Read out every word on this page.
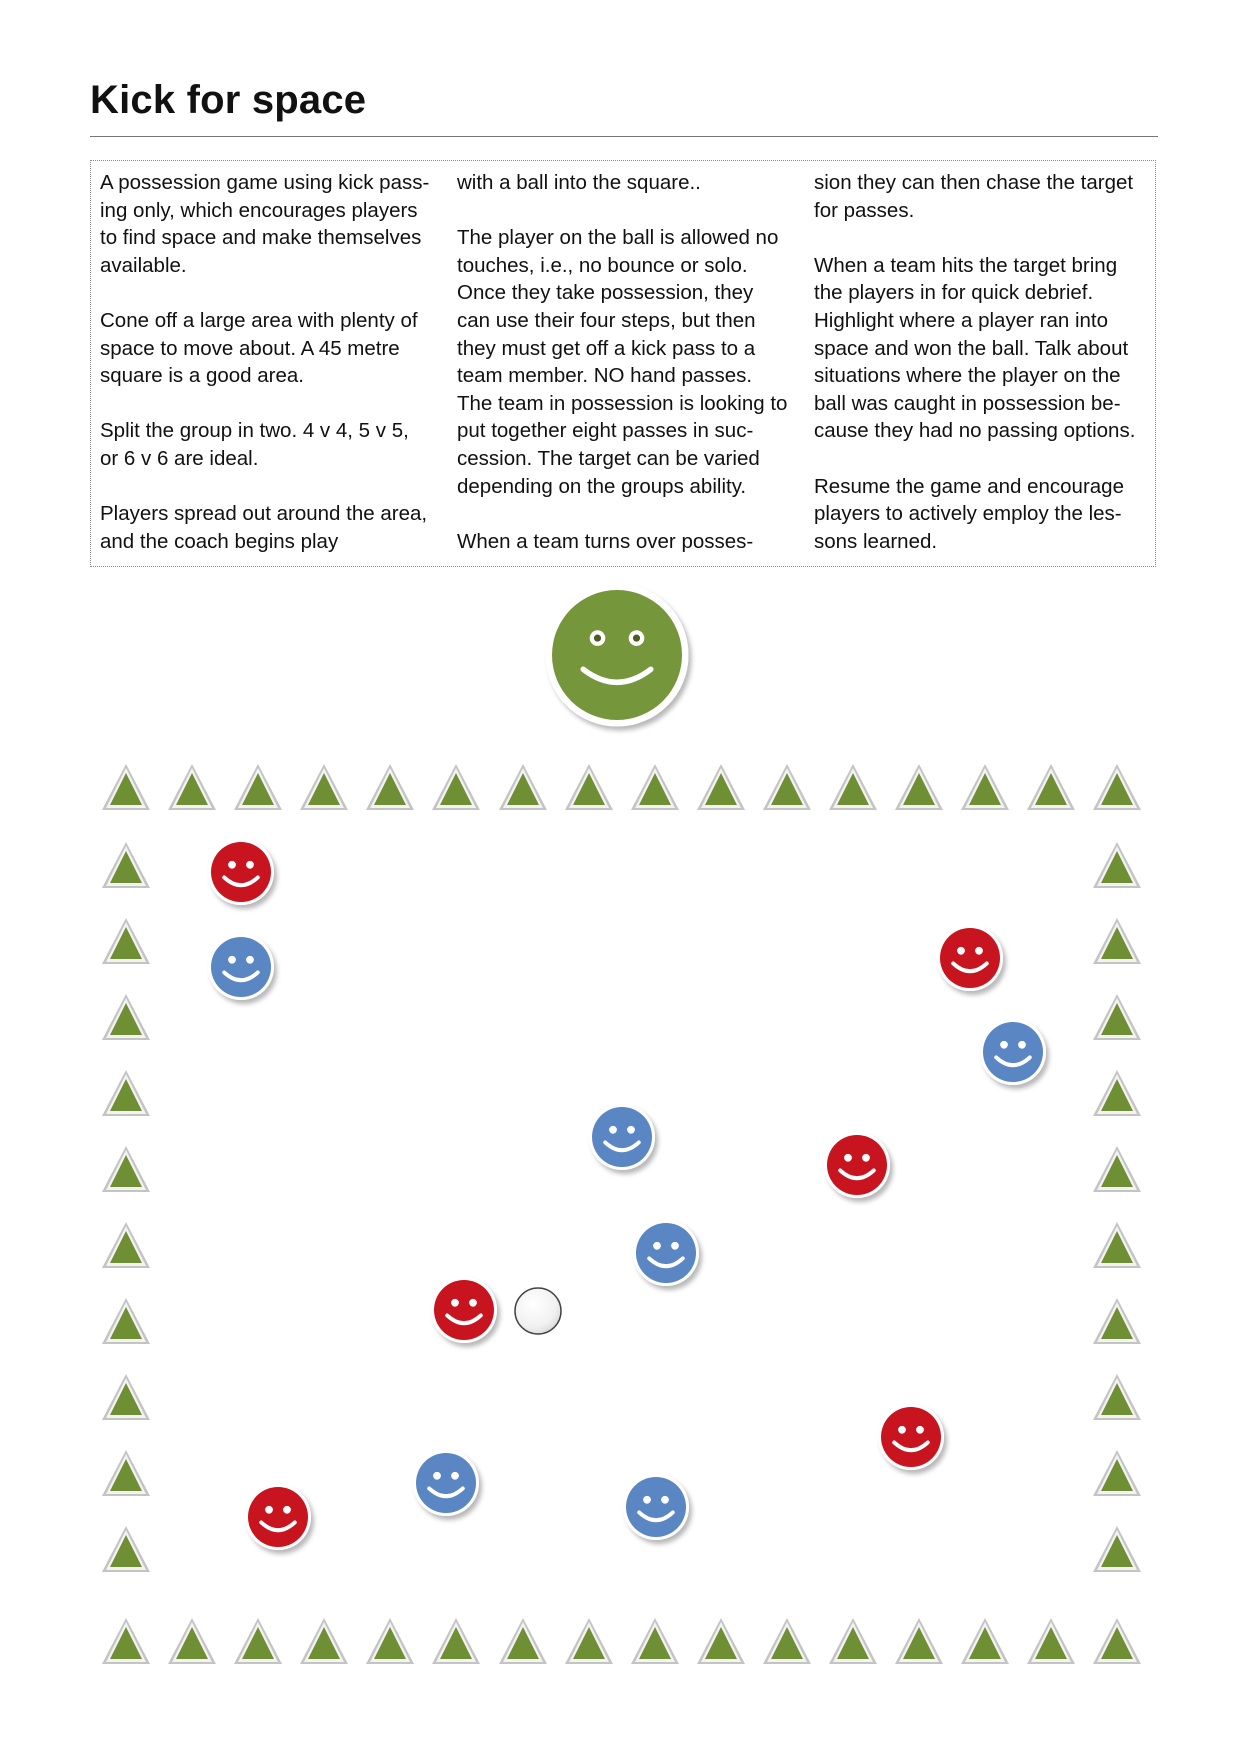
Kick for space

A possession game using kick pass-ing only, which encourages players to find space and make themselves available.

Cone off a large area with plenty of space to move about. A 45 metre square is a good area.

Split the group in two. 4 v 4, 5 v 5, or 6 v 6 are ideal.

Players spread out around the area, and the coach begins play

with a ball into the square..

The player on the ball is allowed no touches, i.e., no bounce or solo. Once they take possession, they can use their four steps, but then they must get off a kick pass to a team member. NO hand passes. The team in possession is looking to put together eight passes in suc-cession. The target can be varied depending on the groups ability.

When a team turns over posses-

sion they can then chase the target for passes.

When a team hits the target bring the players in for quick debrief. Highlight where a player ran into space and won the ball. Talk about situations where the player on the ball was caught in possession be-cause they had no passing options.

Resume the game and encourage players to actively employ the les-sons learned.
